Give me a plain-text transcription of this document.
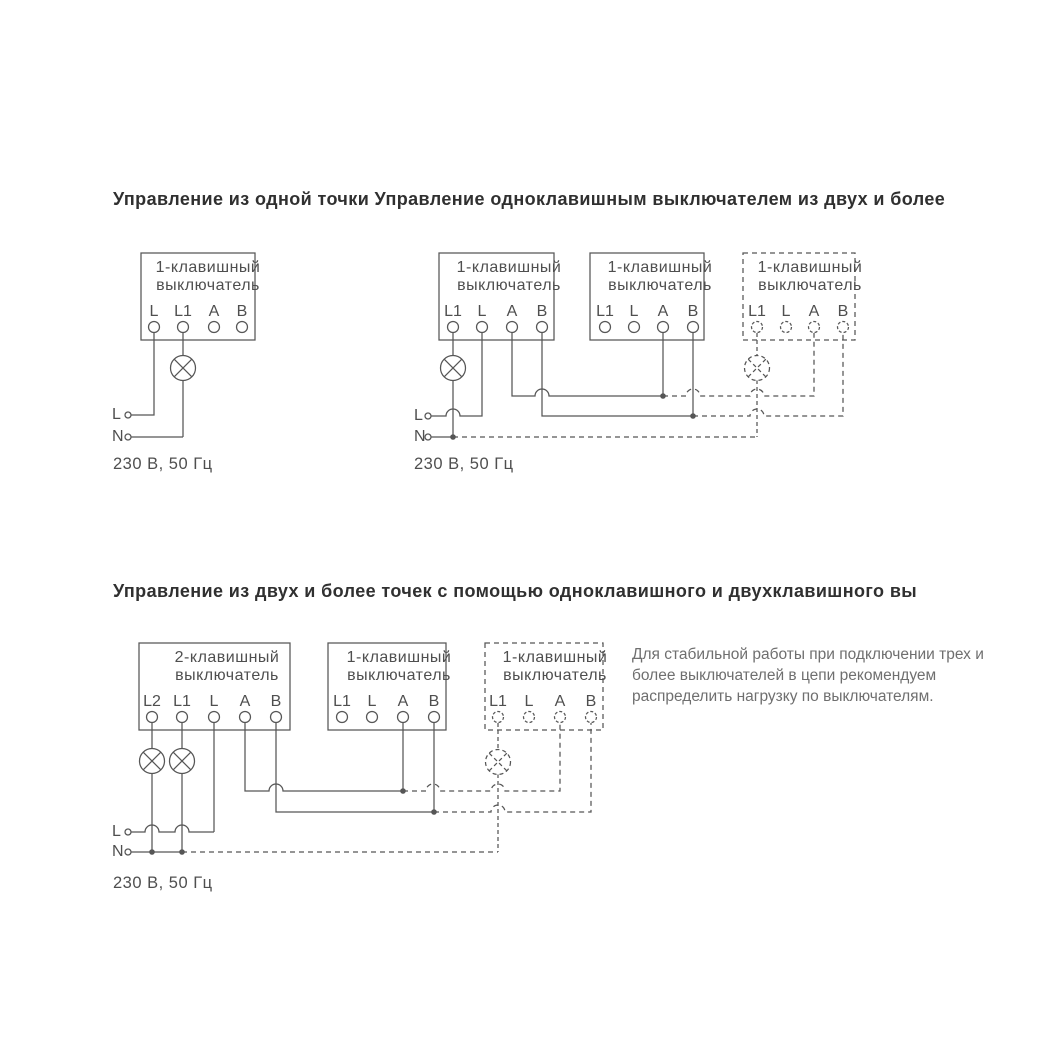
Управление из одной точки Управление одноклавишным выключателем из двух и более
Управление из двух и более точек с помощью одноклавишного и двухклавишного вы
1-клавишный выключатель
L L1 A B
L
N
230 В, 50 Гц
1-клавишный выключатель
1-клавишный выключатель
1-клавишный выключатель
L1 L A B	L1 L A B	L1 L A B
L
N
230 В, 50 Гц
2-клавишный выключатель
1-клавишный выключатель
1-клавишный выключатель
L2 L1 L A B	L1 L A B	L1 L A B
L
N
230 В, 50 Гц
Для стабильной работы при подключении трех и
более выключателей в цепи рекомендуем
распределить нагрузку по выключателям.
